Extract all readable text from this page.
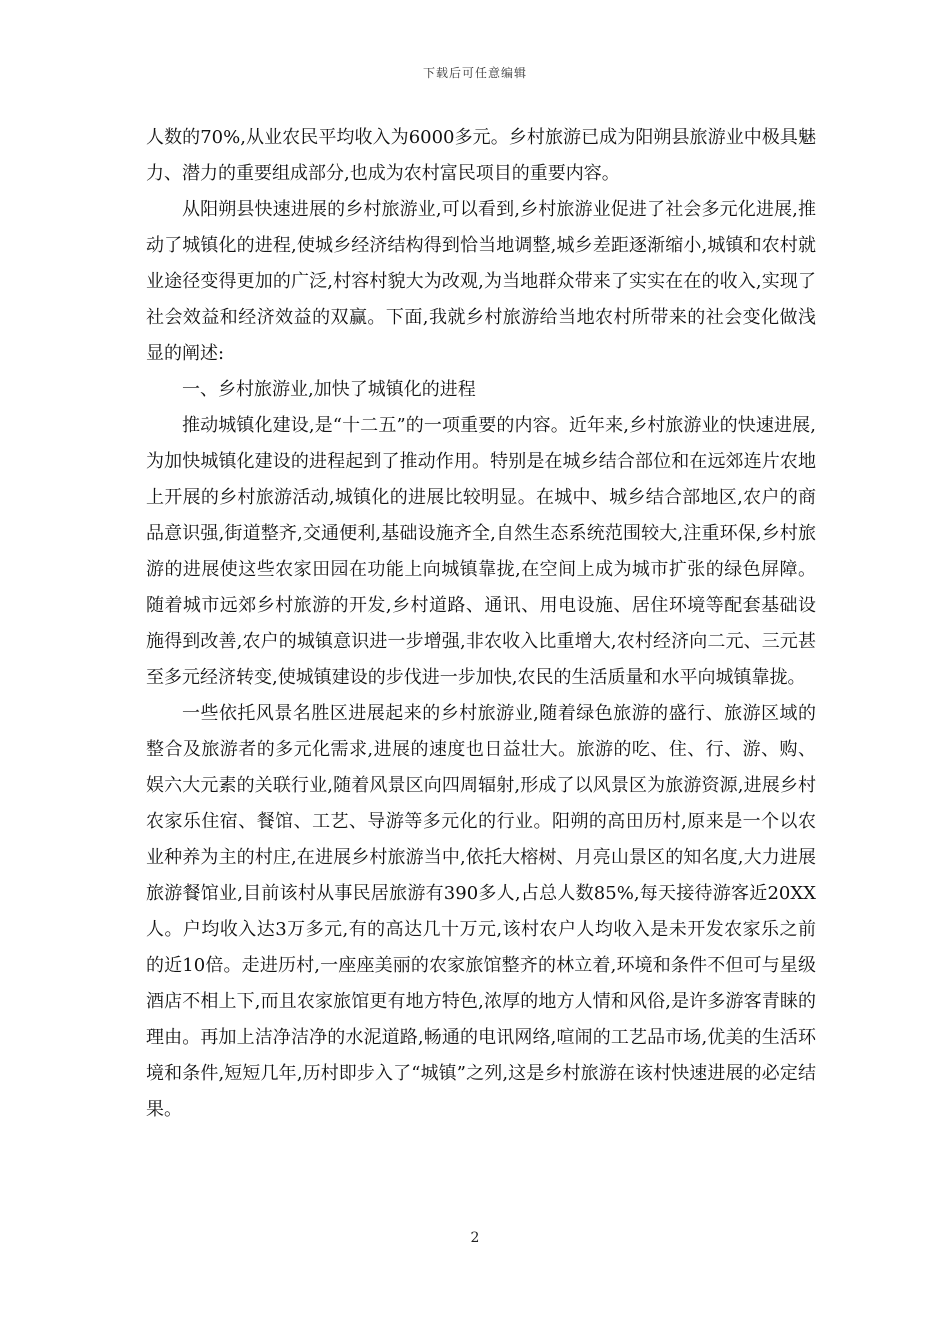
下载后可任意编辑

人数的70%,从业农民平均收入为6000多元。乡村旅游已成为阳朔县旅游业中极具魅力、潜力的重要组成部分,也成为农村富民项目的重要内容。

从阳朔县快速进展的乡村旅游业,可以看到,乡村旅游业促进了社会多元化进展,推动了城镇化的进程,使城乡经济结构得到恰当地调整,城乡差距逐渐缩小,城镇和农村就业途径变得更加的广泛,村容村貌大为改观,为当地群众带来了实实在在的收入,实现了社会效益和经济效益的双赢。下面,我就乡村旅游给当地农村所带来的社会变化做浅显的阐述:

一、乡村旅游业,加快了城镇化的进程

推动城镇化建设,是“十二五”的一项重要的内容。近年来,乡村旅游业的快速进展,为加快城镇化建设的进程起到了推动作用。特别是在城乡结合部位和在远郊连片农地上开展的乡村旅游活动,城镇化的进展比较明显。在城中、城乡结合部地区,农户的商品意识强,街道整齐,交通便利,基础设施齐全,自然生态系统范围较大,注重环保,乡村旅游的进展使这些农家田园在功能上向城镇靠拢,在空间上成为城市扩张的绿色屏障。随着城市远郊乡村旅游的开发,乡村道路、通讯、用电设施、居住环境等配套基础设施得到改善,农户的城镇意识进一步增强,非农收入比重增大,农村经济向二元、三元甚至多元经济转变,使城镇建设的步伐进一步加快,农民的生活质量和水平向城镇靠拢。

一些依托风景名胜区进展起来的乡村旅游业,随着绿色旅游的盛行、旅游区域的整合及旅游者的多元化需求,进展的速度也日益壮大。旅游的吃、住、行、游、购、娱六大元素的关联行业,随着风景区向四周辐射,形成了以风景区为旅游资源,进展乡村农家乐住宿、餐馆、工艺、导游等多元化的行业。阳朔的高田历村,原来是一个以农业种养为主的村庄,在进展乡村旅游当中,依托大榕树、月亮山景区的知名度,大力进展旅游餐馆业,目前该村从事民居旅游有390多人,占总人数85%,每天接待游客近20XX人。户均收入达3万多元,有的高达几十万元,该村农户人均收入是未开发农家乐之前的近10倍。走进历村,一座座美丽的农家旅馆整齐的林立着,环境和条件不但可与星级酒店不相上下,而且农家旅馆更有地方特色,浓厚的地方人情和风俗,是许多游客青睐的理由。再加上洁净洁净的水泥道路,畅通的电讯网络,喧闹的工艺品市场,优美的生活环境和条件,短短几年,历村即步入了“城镇”之列,这是乡村旅游在该村快速进展的必定结果。

2
